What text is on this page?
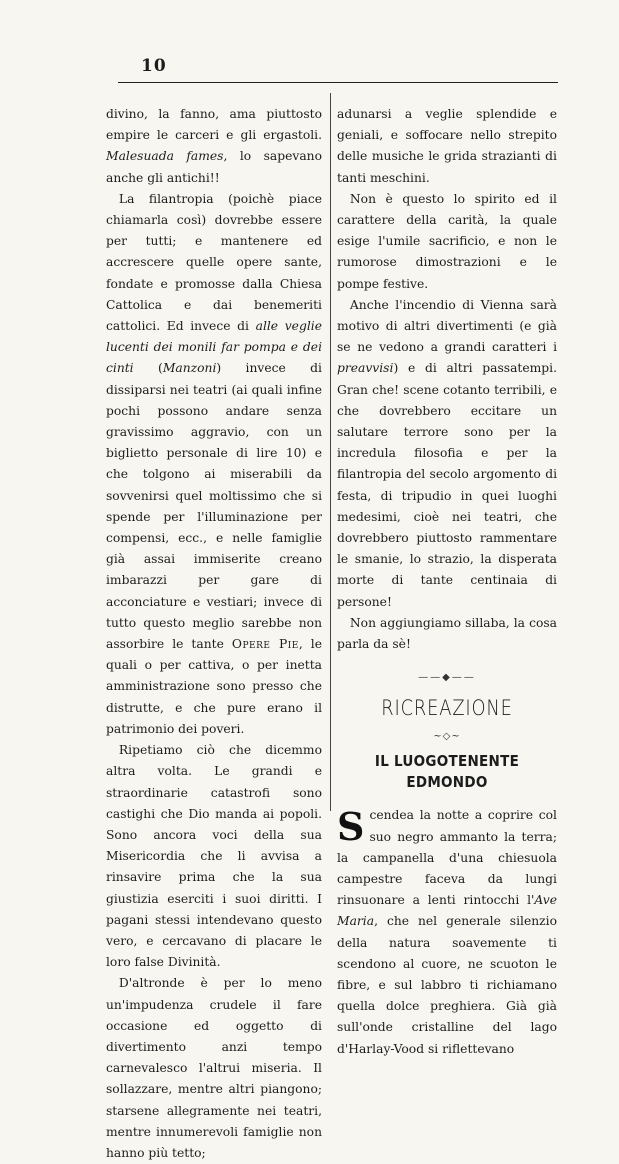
10

divino, la fanno, ama piuttosto empire le carceri e gli ergastoli. Malesuada fames, lo sapevano anche gli antichi!!

La filantropia (poichè piace chiamarla così) dovrebbe essere per tutti; e mantenere ed accrescere quelle opere sante, fondate e promosse dalla Chiesa Cattolica e dai benemeriti cattolici. Ed invece di alle veglie lucenti dei monili far pompa e dei cinti (Manzoni) invece di dissiparsi nei teatri (ai quali infine pochi possono andare senza gravissimo aggravio, con un biglietto personale di lire 10) e che tolgono ai miserabili da sovvenirsi quel moltissimo che si spende per l'illuminazione per compensi, ecc., e nelle famiglie già assai immiserite creano imbarazzi per gare di acconciature e vestiari; invece di tutto questo meglio sarebbe non assorbire le tante Opere Pie, le quali o per cattiva, o per inetta amministrazione sono presso che distrutte, e che pure erano il patrimonio dei poveri.

Ripetiamo ciò che dicemmo altra volta. Le grandi e straordinarie catastrofi sono castighi che Dio manda ai popoli. Sono ancora voci della sua Misericordia che li avvisa a rinsavire prima che la sua giustizia eserciti i suoi diritti. I pagani stessi intendevano questo vero, e cercavano di placare le loro false Divinità.

D'altronde è per lo meno un'impudenza crudele il fare occasione ed oggetto di divertimento anzi tempo carnevalesco l'altrui miseria. Il sollazzare, mentre altri piangono; starsene allegramente nei teatri, mentre innumerevoli famiglie non hanno più tetto;

adunarsi a veglie splendide e geniali, e soffocare nello strepito delle musiche le grida strazianti di tanti meschini.

Non è questo lo spirito ed il carattere della carità, la quale esige l'umile sacrificio, e non le rumorose dimostrazioni e le pompe festive.

Anche l'incendio di Vienna sarà motivo di altri divertimenti (e già se ne vedono a grandi caratteri i preavvisi) e di altri passatempi. Gran che! scene cotanto terribili, e che dovrebbero eccitare un salutare terrore sono per la incredula filosofia e per la filantropia del secolo argomento di festa, di tripudio in quei luoghi medesimi, cioè nei teatri, che dovrebbero piuttosto rammentare le smanie, lo strazio, la disperata morte di tante centinaia di persone!

Non aggiungiamo sillaba, la cosa parla da sè!

——◆——
RICREAZIONE
~◇~
IL LUOGOTENENTE EDMONDO

Scendea la notte a coprire col suo negro ammanto la terra; la campanella d'una chiesuola campestre faceva da lungi rinsuonare a lenti rintocchi l'Ave Maria, che nel generale silenzio della natura soavemente ti scendono al cuore, ne scuoton le fibre, e sul labbro ti richiamano quella dolce preghiera. Già già sull'onde cristalline del lago d'Harlay-Vood si riflettevano
